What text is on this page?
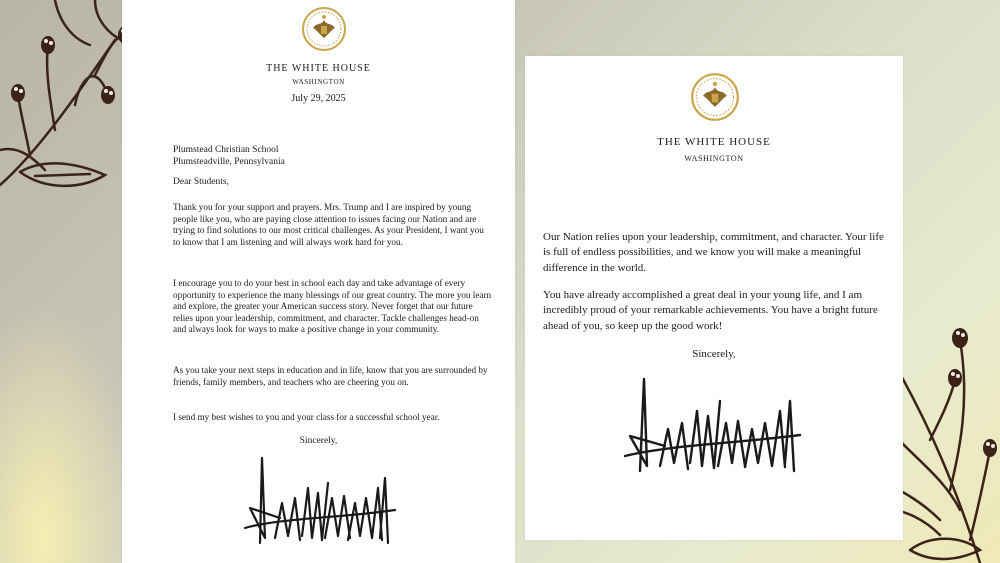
THE WHITE HOUSE
WASHINGTON
July 29, 2025
Plumstead Christian School
Plumsteadville, Pennsylvania
Dear Students,

Thank you for your support and prayers. Mrs. Trump and I are inspired by young people like you, who are paying close attention to issues facing our Nation and are trying to find solutions to our most critical challenges. As your President, I want you to know that I am listening and will always work hard for you.

I encourage you to do your best in school each day and take advantage of every opportunity to experience the many blessings of our great country. The more you learn and explore, the greater your American success story. Never forget that our future relies upon your leadership, commitment, and character. Tackle challenges head-on and always look for ways to make a positive change in your community.

As you take your next steps in education and in life, know that you are surrounded by friends, family members, and teachers who are cheering you on.

I send my best wishes to you and your class for a successful school year.

Sincerely,
THE WHITE HOUSE
WASHINGTON

Our Nation relies upon your leadership, commitment, and character. Your life is full of endless possibilities, and we know you will make a meaningful difference in the world.

You have already accomplished a great deal in your young life, and I am incredibly proud of your remarkable achievements. You have a bright future ahead of you, so keep up the good work!

Sincerely,
